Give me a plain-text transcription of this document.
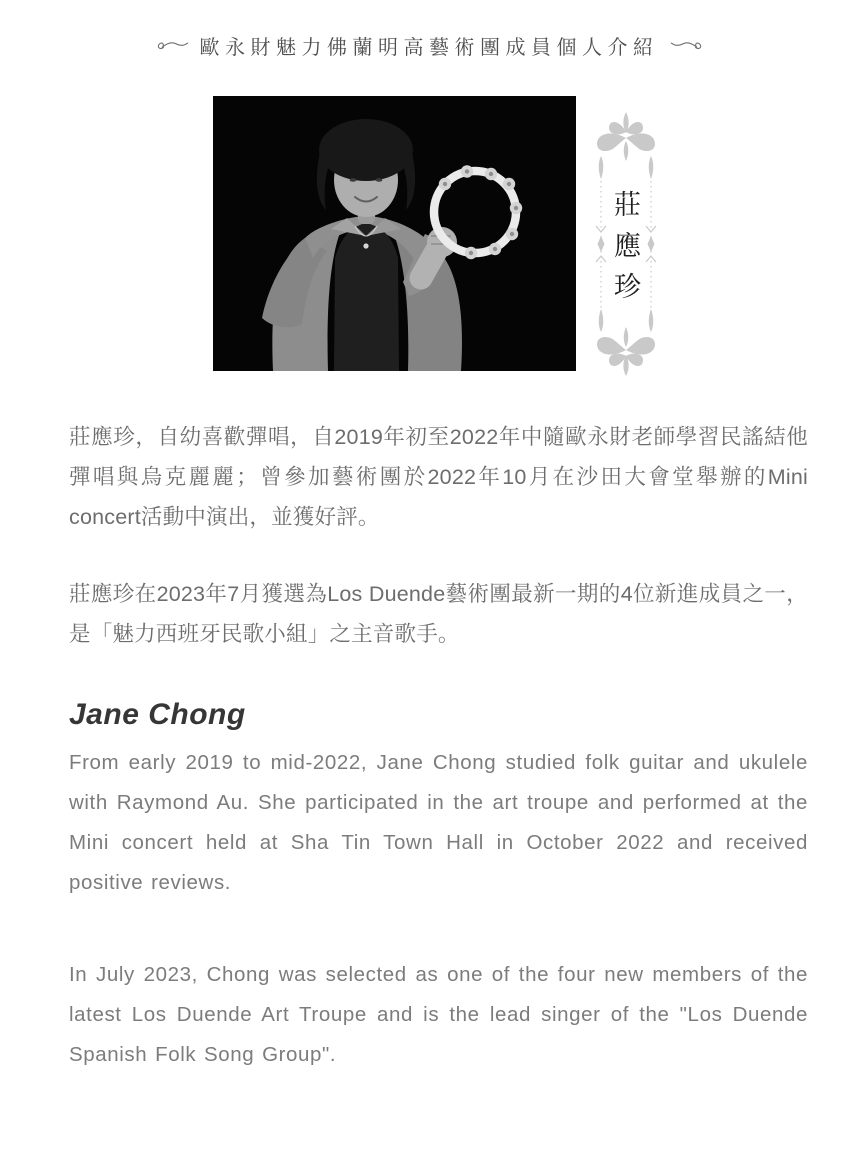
歐永財魅力佛蘭明高藝術團成員個人介紹
莊應珍

莊應珍，自幼喜歡彈唱，自2019年初至2022年中隨歐永財老師學習民謠結他彈唱與烏克麗麗；曾參加藝術團於2022年10月在沙田大會堂舉辦的Mini concert活動中演出，並獲好評。

莊應珍在2023年7月獲選為Los Duende藝術團最新一期的4位新進成員之一，是「魅力西班牙民歌小組」之主音歌手。

Jane Chong

From early 2019 to mid-2022, Jane Chong studied folk guitar and ukulele with Raymond Au. She participated in the art troupe and performed at the Mini concert held at Sha Tin Town Hall in October 2022 and received positive reviews.

In July 2023, Chong was selected as one of the four new members of the latest Los Duende Art Troupe and is the lead singer of the "Los Duende Spanish Folk Song Group".
